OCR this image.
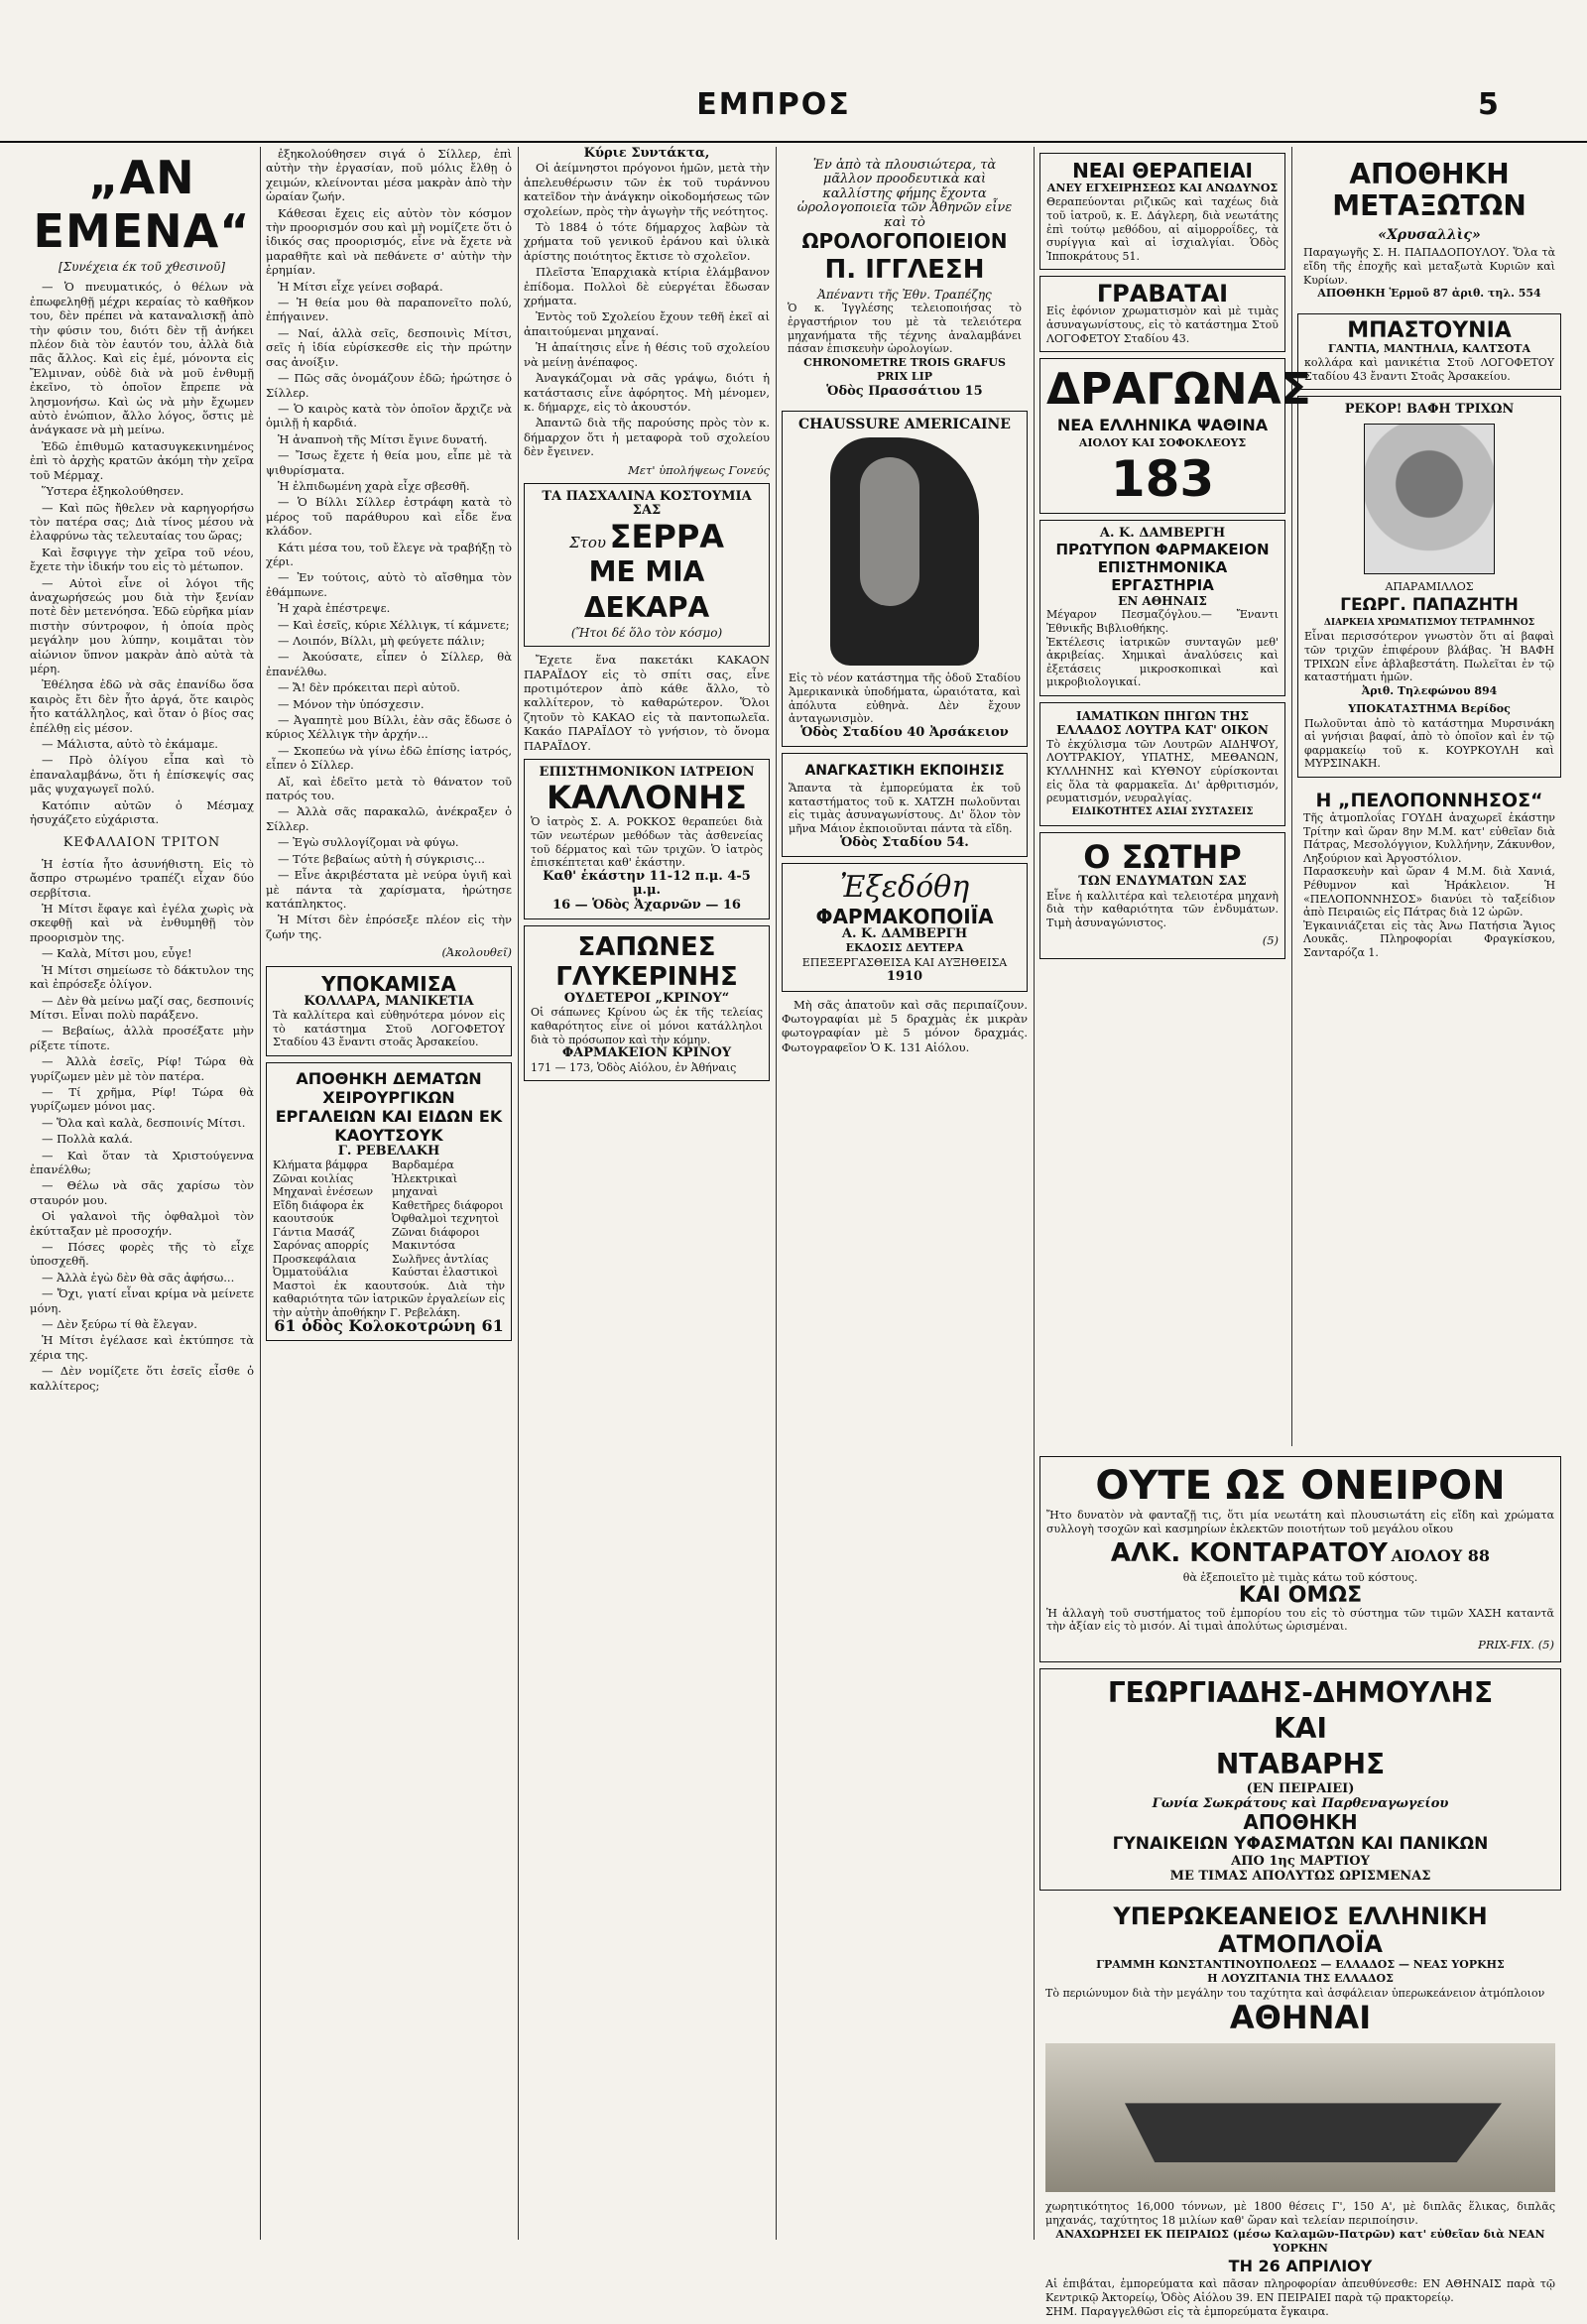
ΕΜΠΡΟΣ	5
„ΑΝ ΕΜΕΝΑ“
[Συνέχεια έκ τοῦ χθεσινοῦ]

— Ὁ πνευματικός, ὁ θέλων νὰ ἐπωφεληθῇ μέχρι κεραίας τὸ καθῆκον του, δὲν πρέπει νὰ καταναλισκῇ ἀπὸ τὴν φύσιν του, διότι δὲν τῇ ἀνήκει πλέον διὰ τὸν ἑαυτόν του, ἀλλὰ διὰ πᾶς ἄλλος. Καὶ εἰς ἐμέ, μόνοντα εἰς Ἔλμιναν, οὐδὲ διὰ νὰ μοῦ ἐνθυμῇ ἐκεῖνο, τὸ ὁποῖον ἔπρεπε νὰ λησμονήσω. Καὶ ὡς νὰ μὴν ἔχωμεν αὐτὸ ἐνώπιον, ἄλλο λόγος, ὅστις μὲ ἀνάγκασε νὰ μὴ μείνω.

Ἐδῶ ἐπιθυμῶ κατασυγκεκινημένος ἐπὶ τὸ ἀρχὴς κρατῶν ἀκόμη τὴν χεῖρα τοῦ Μέρμαχ.

Ὕστερα ἐξηκολούθησεν.

— Καὶ πῶς ἤθελεν νὰ καρηγορήσω τὸν πατέρα σας; Διὰ τίνος μέσου νὰ ἐλαφρύνω τὰς τελευταίας του ὥρας;

Καὶ ἔσφιγγε τὴν χεῖρα τοῦ νέου, ἔχετε τὴν ἰδικήν του εἰς τὸ μέτωπον.

— Αὐτοὶ εἶνε οἱ λόγοι τῆς ἀναχωρήσεώς μου διὰ τὴν ξενίαν ποτὲ δὲν μετενόησα. Ἐδῶ εὑρῆκα μίαν πιστὴν σύντροφον, ἡ ὁποία πρὸς μεγάλην μου λύπην, κοιμᾶται τὸν αἰώνιον ὕπνον μακρὰν ἀπὸ αὐτὰ τὰ μέρη.

Ἐθέλησα ἐδῶ νὰ σᾶς ἐπανίδω ὅσα καιρὸς ἔτι δὲν ἦτο ἀργά, ὅτε καιρὸς ἦτο κατάλληλος, καὶ ὅταν ὁ βίος σας ἐπέλθῃ εἰς μέσον.

— Μάλιστα, αὐτὸ τὸ ἐκάμαμε.

— Πρὸ ὀλίγου εἶπα καὶ τὸ ἐπαναλαμβάνω, ὅτι ἡ ἐπίσκεψίς σας μᾶς ψυχαγωγεῖ πολύ.

Κατόπιν αὐτῶν ὁ Μέσμαχ ἠσυχάζετο εὐχάριστα.

ΚΕΦΑΛΑΙΟΝ ΤΡΙΤΟΝ

Ἡ ἑστία ἦτο ἀσυνήθιστη. Εἰς τὸ ἄσπρο στρωμένο τραπέζι εἶχαν δύο σερβίτσια.

Ἡ Μίτσι ἔφαγε καὶ ἐγέλα χωρὶς νὰ σκεφθῇ καὶ νὰ ἐνθυμηθῇ τὸν προορισμὸν της.

— Καλὰ, Μίτσι μου, εὖγε!

Ἡ Μίτσι σημείωσε τὸ δάκτυλον της καὶ ἐπρόσεξε ὀλίγον.

— Δὲν θὰ μείνω μαζί σας, δεσποινίς Μίτσι. Εἶναι πολὺ παράξενο.

— Βεβαίως, ἀλλὰ προσέξατε μὴν ρίξετε τίποτε.

— Ἀλλὰ ἐσεῖς, Ρίφ! Τώρα θὰ γυρίζωμεν μὲν μὲ τὸν πατέρα.

— Τί χρῆμα, Ρίφ! Τώρα θὰ γυρίζωμεν μόνοι μας.

— Ὅλα καὶ καλὰ, δεσποινίς Μίτσι.

— Πολλὰ καλά.

— Καὶ ὅταν τὰ Χριστούγεννα ἐπανέλθω;

— Θέλω νὰ σᾶς χαρίσω τὸν σταυρόν μου.

Οἱ γαλανοὶ τῆς ὀφθαλμοὶ τὸν ἐκύτταξαν μὲ προσοχήν.

— Πόσες φορὲς τῆς τὸ εἶχε ὑποσχεθῆ.

— Ἀλλὰ ἐγὼ δὲν θὰ σᾶς ἀφήσω...

— Ὄχι, γιατί εἶναι κρίμα νὰ μείνετε μόνη.

— Δὲν ξεύρω τί θὰ ἔλεγαν.

Ἡ Μίτσι ἐγέλασε καὶ ἐκτύπησε τὰ χέρια της.

— Δὲν νομίζετε ὅτι ἐσεῖς εἶσθε ὁ καλλίτερος;

ἐξηκολούθησεν σιγά ὁ Σίλλερ, ἐπὶ αὐτὴν τὴν ἐργασίαν, ποῦ μόλις ἔλθῃ ὁ χειμών, κλείνονται μέσα μακρὰν ἀπὸ τὴν ὡραίαν ζωήν.

Κάθεσαι ἔχεις εἰς αὐτὸν τὸν κόσμον τὴν προορισμόν σου καὶ μὴ νομίζετε ὅτι ὁ ἰδικός σας προορισμός, εἶνε νὰ ἔχετε νὰ μαραθῆτε καὶ νὰ πεθάνετε σ' αὐτὴν τὴν ἐρημίαν.

Ἡ Μίτσι εἶχε γείνει σοβαρά.

— Ἡ θεία μου θὰ παραπονεῖτο πολύ, ἐπήγαινεν.

— Ναί, ἀλλὰ σεῖς, δεσποινὶς Μίτσι, σεῖς ἡ ἰδία εὑρίσκεσθε εἰς τὴν πρώτην σας ἀνοίξιν.

— Πῶς σᾶς ὀνομάζουν ἐδῶ; ἠρώτησε ὁ Σίλλερ.

— Ὁ καιρὸς κατὰ τὸν ὁποῖον ἄρχιζε νὰ ὁμιλῇ ἡ καρδιά.

Ἡ ἀναπνοὴ τῆς Μίτσι ἔγινε δυνατή.

— Ἴσως ἔχετε ἡ θεία μου, εἶπε μὲ τὰ ψιθυρίσματα.

Ἡ ἐλπιδωμένη χαρὰ εἶχε σβεσθῆ.

— Ὁ Βίλλι Σίλλερ ἐστράφη κατὰ τὸ μέρος τοῦ παράθυρου καὶ εἶδε ἕνα κλάδον.

Κάτι μέσα του, τοῦ ἔλεγε νὰ τραβήξῃ τὸ χέρι.

— Ἐν τούτοις, αὐτὸ τὸ αἴσθημα τὸν ἐθάμπωνε.

Ἡ χαρὰ ἐπέστρεψε.

— Καὶ ἐσεῖς, κύριε Χέλλιγκ, τί κάμνετε;

— Λοιπόν, Βίλλι, μὴ φεύγετε πάλιν;

— Ἀκούσατε, εἶπεν ὁ Σίλλερ, θὰ ἐπανέλθω.

— Ἄ! δὲν πρόκειται περὶ αὐτοῦ.

— Μόνον τὴν ὑπόσχεσιν.

— Ἀγαπητὲ μου Βίλλι, ἐὰν σᾶς ἔδωσε ὁ κύριος Χέλλιγκ τὴν ἀρχήν...

— Σκοπεύω νὰ γίνω ἐδῶ ἐπίσης ἰατρός, εἶπεν ὁ Σίλλερ.

Αἴ, καὶ ἐδεῖτο μετὰ τὸ θάνατον τοῦ πατρός του.

— Ἀλλὰ σᾶς παρακαλῶ, ἀνέκραξεν ὁ Σίλλερ.

— Ἐγὼ συλλογίζομαι νὰ φύγω.

— Τότε βεβαίως αὐτὴ ἡ σύγκρισις...

— Εἶνε ἀκριβέστατα μὲ νεύρα ὑγιῆ καὶ μὲ πάντα τὰ χαρίσματα, ἠρώτησε κατάπληκτος.

Ἡ Μίτσι δὲν ἐπρόσεξε πλέον εἰς τὴν ζωήν της.

(Ἀκολουθεῖ)
ΥΠΟΚΑΜΙΣΑ
ΚΟΛΛΑΡΑ, ΜΑΝΙΚΕΤΙΑ
Τὰ καλλίτερα καὶ εὐθηνότερα μόνον εἰς τὸ κατάστημα Στοῦ ΛΟΓΟΦΕΤΟΥ Σταδίου 43 ἔναντι στοᾶς Ἀρσακείου.
ΑΠΟΘΗΚΗ ΔΕΜΑΤΩΝ ΧΕΙΡΟΥΡΓΙΚΩΝ ΕΡΓΑΛΕΙΩΝ ΚΑΙ ΕΙΔΩΝ ΕΚ ΚΑΟΥΤΣΟΥΚ
Γ. ΡΕΒΕΛΑΚΗ
Κλήματα βάμφρα
Ζῶναι κοιλίας
Μηχαναὶ ἐνέσεων
Εἴδη διάφορα ἐκ καουτσούκ
Γάντια Μασάζ
Σαρόνας απορρίς
Προσκεφάλαια
Ὀμματοϋάλια
Βαρδαμέρα
Ἠλεκτρικαὶ μηχαναὶ
Καθετῆρες διάφοροι
Ὀφθαλμοὶ τεχνητοὶ
Ζῶναι διάφοροι
Μακιντόσα
Σωλῆνες ἀντλίας
Καύσται ἐλαστικοὶ
Μαστοὶ ἐκ καουτσούκ. Διὰ τὴν καθαριότητα τῶν ἰατρικῶν ἐργαλείων εἰς τὴν αὐτὴν ἀποθήκην Γ. Ρεβελάκη.
61 ὁδὸς Κολοκοτρώνη 61
Κύριε Συντάκτα,

Οἱ ἀείμνηστοι πρόγονοι ἡμῶν, μετὰ τὴν ἀπελευθέρωσιν τῶν ἐκ τοῦ τυράννου κατεῖδον τὴν ἀνάγκην οἰκοδομήσεως τῶν σχολείων, πρὸς τὴν ἀγωγὴν τῆς νεότητος.

Τὸ 1884 ὁ τότε δήμαρχος λαβὼν τὰ χρήματα τοῦ γενικοῦ ἐράνου καὶ ὑλικὰ ἀρίστης ποιότητος ἔκτισε τὸ σχολεῖον.

Πλεῖστα Ἐπαρχιακὰ κτίρια ἐλάμβανον ἐπίδομα. Πολλοὶ δὲ εὐεργέται ἔδωσαν χρήματα.

Ἐντὸς τοῦ Σχολείου ἔχουν τεθῆ ἐκεῖ αἱ ἀπαιτούμεναι μηχαναί.

Ἡ ἀπαίτησις εἶνε ἡ θέσις τοῦ σχολείου νὰ μείνῃ ἀνέπαφος.

Ἀναγκάζομαι νὰ σᾶς γράψω, διότι ἡ κατάστασις εἶνε ἀφόρητος. Μὴ μένομεν, κ. δήμαρχε, εἰς τὸ ἀκουστόν.

Ἀπαντῶ διὰ τῆς παρούσης πρὸς τὸν κ. δήμαρχον ὅτι ἡ μεταφορὰ τοῦ σχολείου δὲν ἔγεινεν.

Μετ' ὑπολήψεως Γονεύς
ΤΑ ΠΑΣΧΑΛΙΝΑ ΚΟΣΤΟΥΜΙΑ ΣΑΣ
Στου ΣΕΡΡΑ
ΜΕ ΜΙΑ ΔΕΚΑΡΑ
(Ἤτοι δέ ὅλο τὸν κόσμο)

Ἔχετε ἕνα πακετάκι ΚΑΚΑΟΝ ΠΑΡΑΪΔΟΥ εἰς τὸ σπίτι σας, εἶνε προτιμότερον ἀπὸ κάθε ἄλλο, τὸ καλλίτερον, τὸ καθαρώτερον. Ὅλοι ζητοῦν τὸ ΚΑΚΑΟ εἰς τὰ παντοπωλεῖα. Κακάο ΠΑΡΑΪΔΟΥ τὸ γνήσιον, τὸ ὄνομα ΠΑΡΑΪΔΟΥ.

ΕΠΙΣΤΗΜΟΝΙΚΟΝ ΙΑΤΡΕΙΟΝ
ΚΑΛΛΟΝΗΣ
Ὁ ἰατρὸς Σ. Α. ΡΟΚΚΟΣ θεραπεύει διὰ τῶν νεωτέρων μεθόδων τὰς ἀσθενείας τοῦ δέρματος καὶ τῶν τριχῶν. Ὁ ἰατρὸς ἐπισκέπτεται καθ' ἑκάστην.
Καθ' ἑκάστην 11-12 π.μ. 4-5 μ.μ.
16 — Ὁδὸς Ἀχαρνῶν — 16
ΣΑΠΩΝΕΣ ΓΛΥΚΕΡΙΝΗΣ
ΟΥΔΕΤΕΡΟΙ „ΚΡΙΝΟΥ“
Οἱ σάπωνες Κρίνου ὡς ἐκ τῆς τελείας καθαρότητος εἶνε οἱ μόνοι κατάλληλοι διὰ τὸ πρόσωπον καὶ τὴν κόμην.
ΦΑΡΜΑΚΕΙΟΝ ΚΡΙΝΟΥ
171 — 173, Ὁδὸς Αἰόλου, ἐν Ἀθήναις
Ἐν ἀπὸ τὰ πλουσιώτερα, τὰ μᾶλλον προοδευτικὰ καὶ καλλίστης φήμης ἔχοντα ὡρολογοποιεῖα τῶν Ἀθηνῶν εἶνε καὶ τὸ
ΩΡΟΛΟΓΟΠΟΙΕΙΟΝ
Π. ΙΓΓΛΕΣΗ
Ἀπέναντι τῆς Ἐθν. Τραπέζης
Ὁ κ. Ἰγγλέσης τελειοποιήσας τὸ ἐργαστήριον του μὲ τὰ τελειότερα μηχανήματα τῆς τέχνης ἀναλαμβάνει πάσαν ἐπισκευὴν ὡρολογίων.
CHRONOMETRE TROIS GRAFUS PRIX LIP
Ὁδὸς Πρασσάτιου 15
CHAUSSURE AMERICAINE
Εἰς τὸ νέον κατάστημα τῆς ὁδοῦ Σταδίου Ἀμερικανικὰ ὑποδήματα, ὡραιότατα, καὶ ἀπόλυτα εὐθηνὰ. Δὲν ἔχουν ἀνταγωνισμὸν.
Ὁδὸς Σταδίου 40 Ἀρσάκειον
ΑΝΑΓΚΑΣΤΙΚΗ ΕΚΠΟΙΗΣΙΣ
Ἅπαντα τὰ ἐμπορεύματα ἐκ τοῦ καταστήματος τοῦ κ. ΧΑΤΖΗ πωλοῦνται εἰς τιμὰς ἀσυναγωνίστους. Δι' ὅλον τὸν μῆνα Μάιον ἐκποιοῦνται πάντα τὰ εἴδη.
Ὁδὸς Σταδίου 54.
Ἐξεδόθη
ΦΑΡΜΑΚΟΠΟΙΪΑ
Α. Κ. ΔΑΜΒΕΡΓΗ
ΕΚΔΟΣΙΣ ΔΕΥΤΕΡΑ
ΕΠΕΞΕΡΓΑΣΘΕΙΣΑ ΚΑΙ ΑΥΞΗΘΕΙΣΑ
1910

Μὴ σᾶς ἀπατοῦν καὶ σᾶς περιπαίζουν. Φωτογραφίαι μὲ 5 δραχμὰς ἐκ μικρὰν φωτογραφίαν μὲ 5 μόνον δραχμάς. Φωτογραφεῖον Ὁ Κ. 131 Αἰόλου.

ΝΕΑΙ ΘΕΡΑΠΕΙΑΙ
ΑΝΕΥ ΕΓΧΕΙΡΗΣΕΩΣ ΚΑΙ ΑΝΩΔΥΝΟΣ
Θεραπεύονται ριζικῶς καὶ ταχέως διὰ τοῦ ἰατροῦ, κ. Ε. Δάγλερη, διὰ νεωτάτης ἐπὶ τούτῳ μεθόδου, αἱ αἱμορροΐδες, τὰ συρίγγια καὶ αἱ ἰσχιαλγίαι. Ὁδὸς Ἱπποκράτους 51.
ΓΡΑΒΑΤΑΙ
Εἰς ἐφόνιον χρωματισμὸν καὶ μὲ τιμὰς ἀσυναγωνίστους, εἰς τὸ κατάστημα Στοῦ ΛΟΓΟΦΕΤΟΥ Σταδίου 43.
ΔΡΑΓΩΝΑΣ
ΝΕΑ ΕΛΛΗΝΙΚΑ ΨΑΘΙΝΑ
ΑΙΟΛΟΥ ΚΑΙ ΣΟΦΟΚΛΕΟΥΣ
183
Α. Κ. ΔΑΜΒΕΡΓΗ
ΠΡΩΤΥΠΟΝ ΦΑΡΜΑΚΕΙΟΝ ΕΠΙΣΤΗΜΟΝΙΚΑ ΕΡΓΑΣΤΗΡΙΑ
ΕΝ ΑΘΗΝΑΙΣ
Μέγαρον Πεσμαζόγλου.— Ἔναντι Ἐθνικῆς Βιβλιοθήκης.
Ἐκτέλεσις ἰατρικῶν συνταγῶν μεθ' ἀκριβείας. Χημικαὶ ἀναλύσεις καὶ ἐξετάσεις μικροσκοπικαὶ καὶ μικροβιολογικαί.
ΙΑΜΑΤΙΚΩΝ ΠΗΓΩΝ ΤΗΣ ΕΛΛΑΔΟΣ ΛΟΥΤΡΑ ΚΑΤ' ΟΙΚΟΝ
Τὸ ἐκχύλισμα τῶν Λουτρῶν ΑΙΔΗΨΟΥ, ΛΟΥΤΡΑΚΙΟΥ, ΥΠΑΤΗΣ, ΜΕΘΑΝΩΝ, ΚΥΛΛΗΝΗΣ καὶ ΚΥΘΝΟΥ εὑρίσκονται εἰς ὅλα τὰ φαρμακεῖα. Δι' ἀρθριτισμόν, ρευματισμόν, νευραλγίας.
ΕΙΔΙΚΟΤΗΤΕΣ ΑΣΙΑΙ ΣΥΣΤΑΣΕΙΣ
Ο ΣΩΤΗΡ
ΤΩΝ ΕΝΔΥΜΑΤΩΝ ΣΑΣ
Εἶνε ἡ καλλιτέρα καὶ τελειοτέρα μηχανὴ διὰ τὴν καθαριότητα τῶν ἐνδυμάτων. Τιμὴ ἀσυναγώνιστος.
(5)
ΑΠΟΘΗΚΗ ΜΕΤΑΞΩΤΩΝ
«Χρυσαλλὶς»
Παραγωγῆς Σ. Η. ΠΑΠΑΔΟΠΟΥΛΟΥ. Ὅλα τὰ εἴδη τῆς ἐποχῆς καὶ μεταξωτὰ Κυριῶν καὶ Κυρίων.
ΑΠΟΘΗΚΗ Ἑρμοῦ 87 ἀριθ. τηλ. 554
ΜΠΑΣΤΟΥΝΙΑ
ΓΑΝΤΙΑ, ΜΑΝΤΗΛΙΑ, ΚΑΛΤΣΟΤΑ
κολλάρα καὶ μανικέτια Στοῦ ΛΟΓΟΦΕΤΟΥ Σταδίου 43 ἔναντι Στοᾶς Ἀρσακείου.
ΡΕΚΟΡ! ΒΑΦΗ ΤΡΙΧΩΝ
ΑΠΑΡΑΜΙΛΛΟΣ
ΓΕΩΡΓ. ΠΑΠΑΖΗΤΗ
ΔΙΑΡΚΕΙΑ ΧΡΩΜΑΤΙΣΜΟΥ ΤΕΤΡΑΜΗΝΟΣ
Εἶναι περισσότερον γνωστὸν ὅτι αἱ βαφαὶ τῶν τριχῶν ἐπιφέρουν βλάβας. Ἡ ΒΑΦΗ ΤΡΙΧΩΝ εἶνε ἀβλαβεστάτη. Πωλεῖται ἐν τῷ καταστήματι ἡμῶν.
Ἀριθ. Τηλεφώνου 894
ΥΠΟΚΑΤΑΣΤΗΜΑ Βερίδος
Πωλοῦνται ἀπὸ τὸ κατάστημα Μυρσινάκη αἱ γνήσιαι βαφαί, ἀπὸ τὸ ὁποῖον καὶ ἐν τῷ φαρμακείῳ τοῦ κ. ΚΟΥΡΚΟΥΛΗ καὶ ΜΥΡΣΙΝΑΚΗ.
Η „ΠΕΛΟΠΟΝΝΗΣΟΣ“
Τῆς ἀτμοπλοΐας ΓΟΥΔΗ ἀναχωρεῖ ἑκάστην Τρίτην καὶ ὥραν 8ην Μ.Μ. κατ' εὐθεῖαν διὰ Πάτρας, Μεσολόγγιον, Κυλλήνην, Ζάκυνθον, Ληξούριον καὶ Ἀργοστόλιον.
Παρασκευὴν καὶ ὥραν 4 Μ.Μ. διὰ Χανιά, Ρέθυμνον καὶ Ἡράκλειον. Ἡ «ΠΕΛΟΠΟΝΝΗΣΟΣ» διανύει τὸ ταξείδιον ἀπὸ Πειραιῶς εἰς Πάτρας διὰ 12 ὡρῶν.
Ἐγκαινιάζεται εἰς τὰς Ἀνω Πατήσια Ἅγιος Λουκᾶς. Πληροφορίαι Φραγκίσκου, Σανταρόζα 1.
ΟΥΤΕ ΩΣ ΟΝΕΙΡΟΝ
Ἤτο δυνατὸν νὰ φανταζῇ τις, ὅτι μία νεωτάτη καὶ πλουσιωτάτη εἰς εἴδη καὶ χρώματα συλλογὴ τσοχῶν καὶ κασμηρίων ἐκλεκτῶν ποιοτήτων τοῦ μεγάλου οἴκου
ΑΛΚ. ΚΟΝΤΑΡΑΤΟΥ ΑΙΟΛΟΥ 88
θὰ ἐξεποιεῖτο μὲ τιμὰς κάτω τοῦ κόστους.
ΚΑΙ ΟΜΩΣ
Ἡ ἀλλαγὴ τοῦ συστήματος τοῦ ἐμπορίου του εἰς τὸ σύστημα τῶν τιμῶν ΧΑΣΗ καταντᾶ τὴν ἀξίαν εἰς τὸ μισόν. Αἱ τιμαὶ ἀπολύτως ὡρισμέναι.
PRIX-FIX. (5)
ΓΕΩΡΓΙΑΔΗΣ-ΔΗΜΟΥΛΗΣ
ΚΑΙ
ΝΤΑΒΑΡΗΣ
(ΕΝ ΠΕΙΡΑΙΕΙ)
Γωνία Σωκράτους καὶ Παρθεναγωγείου
ΑΠΟΘΗΚΗ
ΓΥΝΑΙΚΕΙΩΝ ΥΦΑΣΜΑΤΩΝ ΚΑΙ ΠΑΝΙΚΩΝ
ΑΠΟ 1ης ΜΑΡΤΙΟΥ
ΜΕ ΤΙΜΑΣ ΑΠΟΛΥΤΩΣ ΩΡΙΣΜΕΝΑΣ
ΥΠΕΡΩΚΕΑΝΕΙΟΣ ΕΛΛΗΝΙΚΗ ΑΤΜΟΠΛΟΪΑ
ΓΡΑΜΜΗ ΚΩΝΣΤΑΝΤΙΝΟΥΠΟΛΕΩΣ — ΕΛΛΑΔΟΣ — ΝΕΑΣ ΥΟΡΚΗΣ
Η ΛΟΥΖΙΤΑΝΙΑ ΤΗΣ ΕΛΛΑΔΟΣ
Τὸ περιώνυμον διὰ τὴν μεγάλην του ταχύτητα καὶ ἀσφάλειαν ὑπερωκεάνειον ἀτμόπλοιον
ΑΘΗΝΑΙ
χωρητικότητος 16,000 τόννων, μὲ 1800 θέσεις Γ', 150 Α', μὲ διπλᾶς ἕλικας, διπλᾶς μηχανάς, ταχύτητος 18 μιλίων καθ' ὥραν καὶ τελείαν περιποίησιν.
ΑΝΑΧΩΡΗΣΕΙ ΕΚ ΠΕΙΡΑΙΩΣ (μέσω Καλαμῶν-Πατρῶν) κατ' εὐθεῖαν διὰ ΝΕΑΝ ΥΟΡΚΗΝ
ΤΗ 26 ΑΠΡΙΛΙΟΥ
Αἱ ἐπιβάται, ἐμπορεύματα καὶ πᾶσαν πληροφορίαν ἀπευθύνεσθε: ΕΝ ΑΘΗΝΑΙΣ παρὰ τῷ Κεντρικῷ Ἀκτορείῳ, Ὁδὸς Αἰόλου 39. ΕΝ ΠΕΙΡΑΙΕΙ παρὰ τῷ πρακτορείῳ.
ΣΗΜ. Παραγγελθῶσι εἰς τὰ ἐμπορεύματα ἔγκαιρα.
